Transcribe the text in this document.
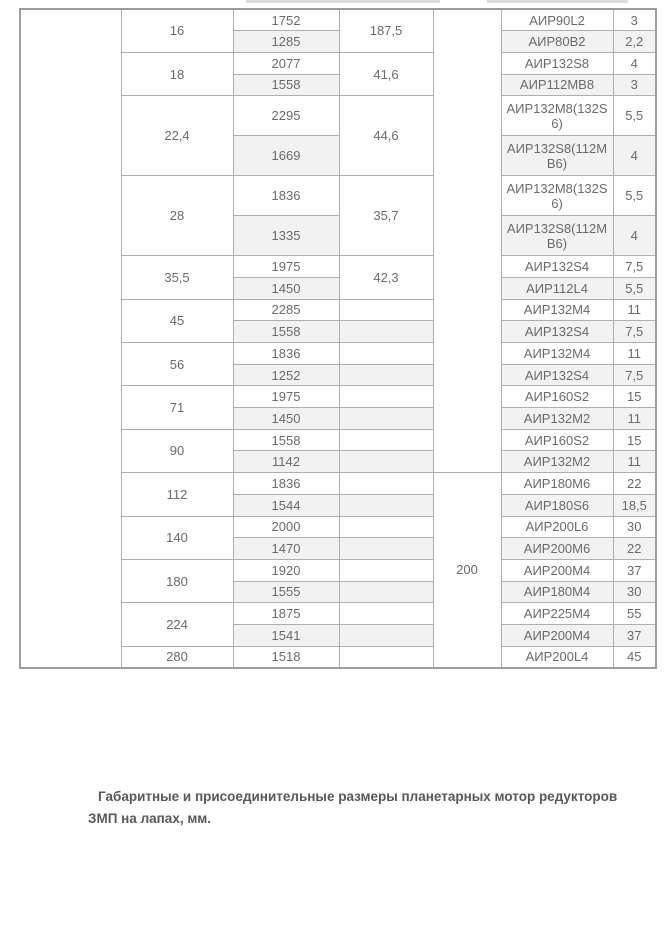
	16	1752	187,5		АИР90L2	3
		1285			АИР80В2	2,2
	18	2077	41,6		АИР132S8	4
		1558			АИР112МВ8	3
	22,4	2295	44,6		АИР132М8(132S6)	5,5
		1669			АИР132S8(112МВ6)	4
	28	1836	35,7		АИР132М8(132S6)	5,5
		1335			АИР132S8(112МВ6)	4
	35,5	1975	42,3		АИР132S4	7,5
		1450			АИР112L4	5,5
	45	2285			АИР132М4	11
		1558			АИР132S4	7,5
	56	1836			АИР132М4	11
		1252			АИР132S4	7,5
	71	1975			АИР160S2	15
		1450			АИР132М2	11
	90	1558			АИР160S2	15
		1142			АИР132М2	11
	112	1836		200	АИР180М6	22
		1544			АИР180S6	18,5
	140	2000			АИР200L6	30
		1470			АИР200М6	22
	180	1920			АИР200М4	37
		1555			АИР180М4	30
	224	1875			АИР225М4	55
		1541			АИР200М4	37
	280	1518			АИР200L4	45
Габаритные и присоединительные размеры планетарных мотор редукторов
ЗМП на лапах, мм.
